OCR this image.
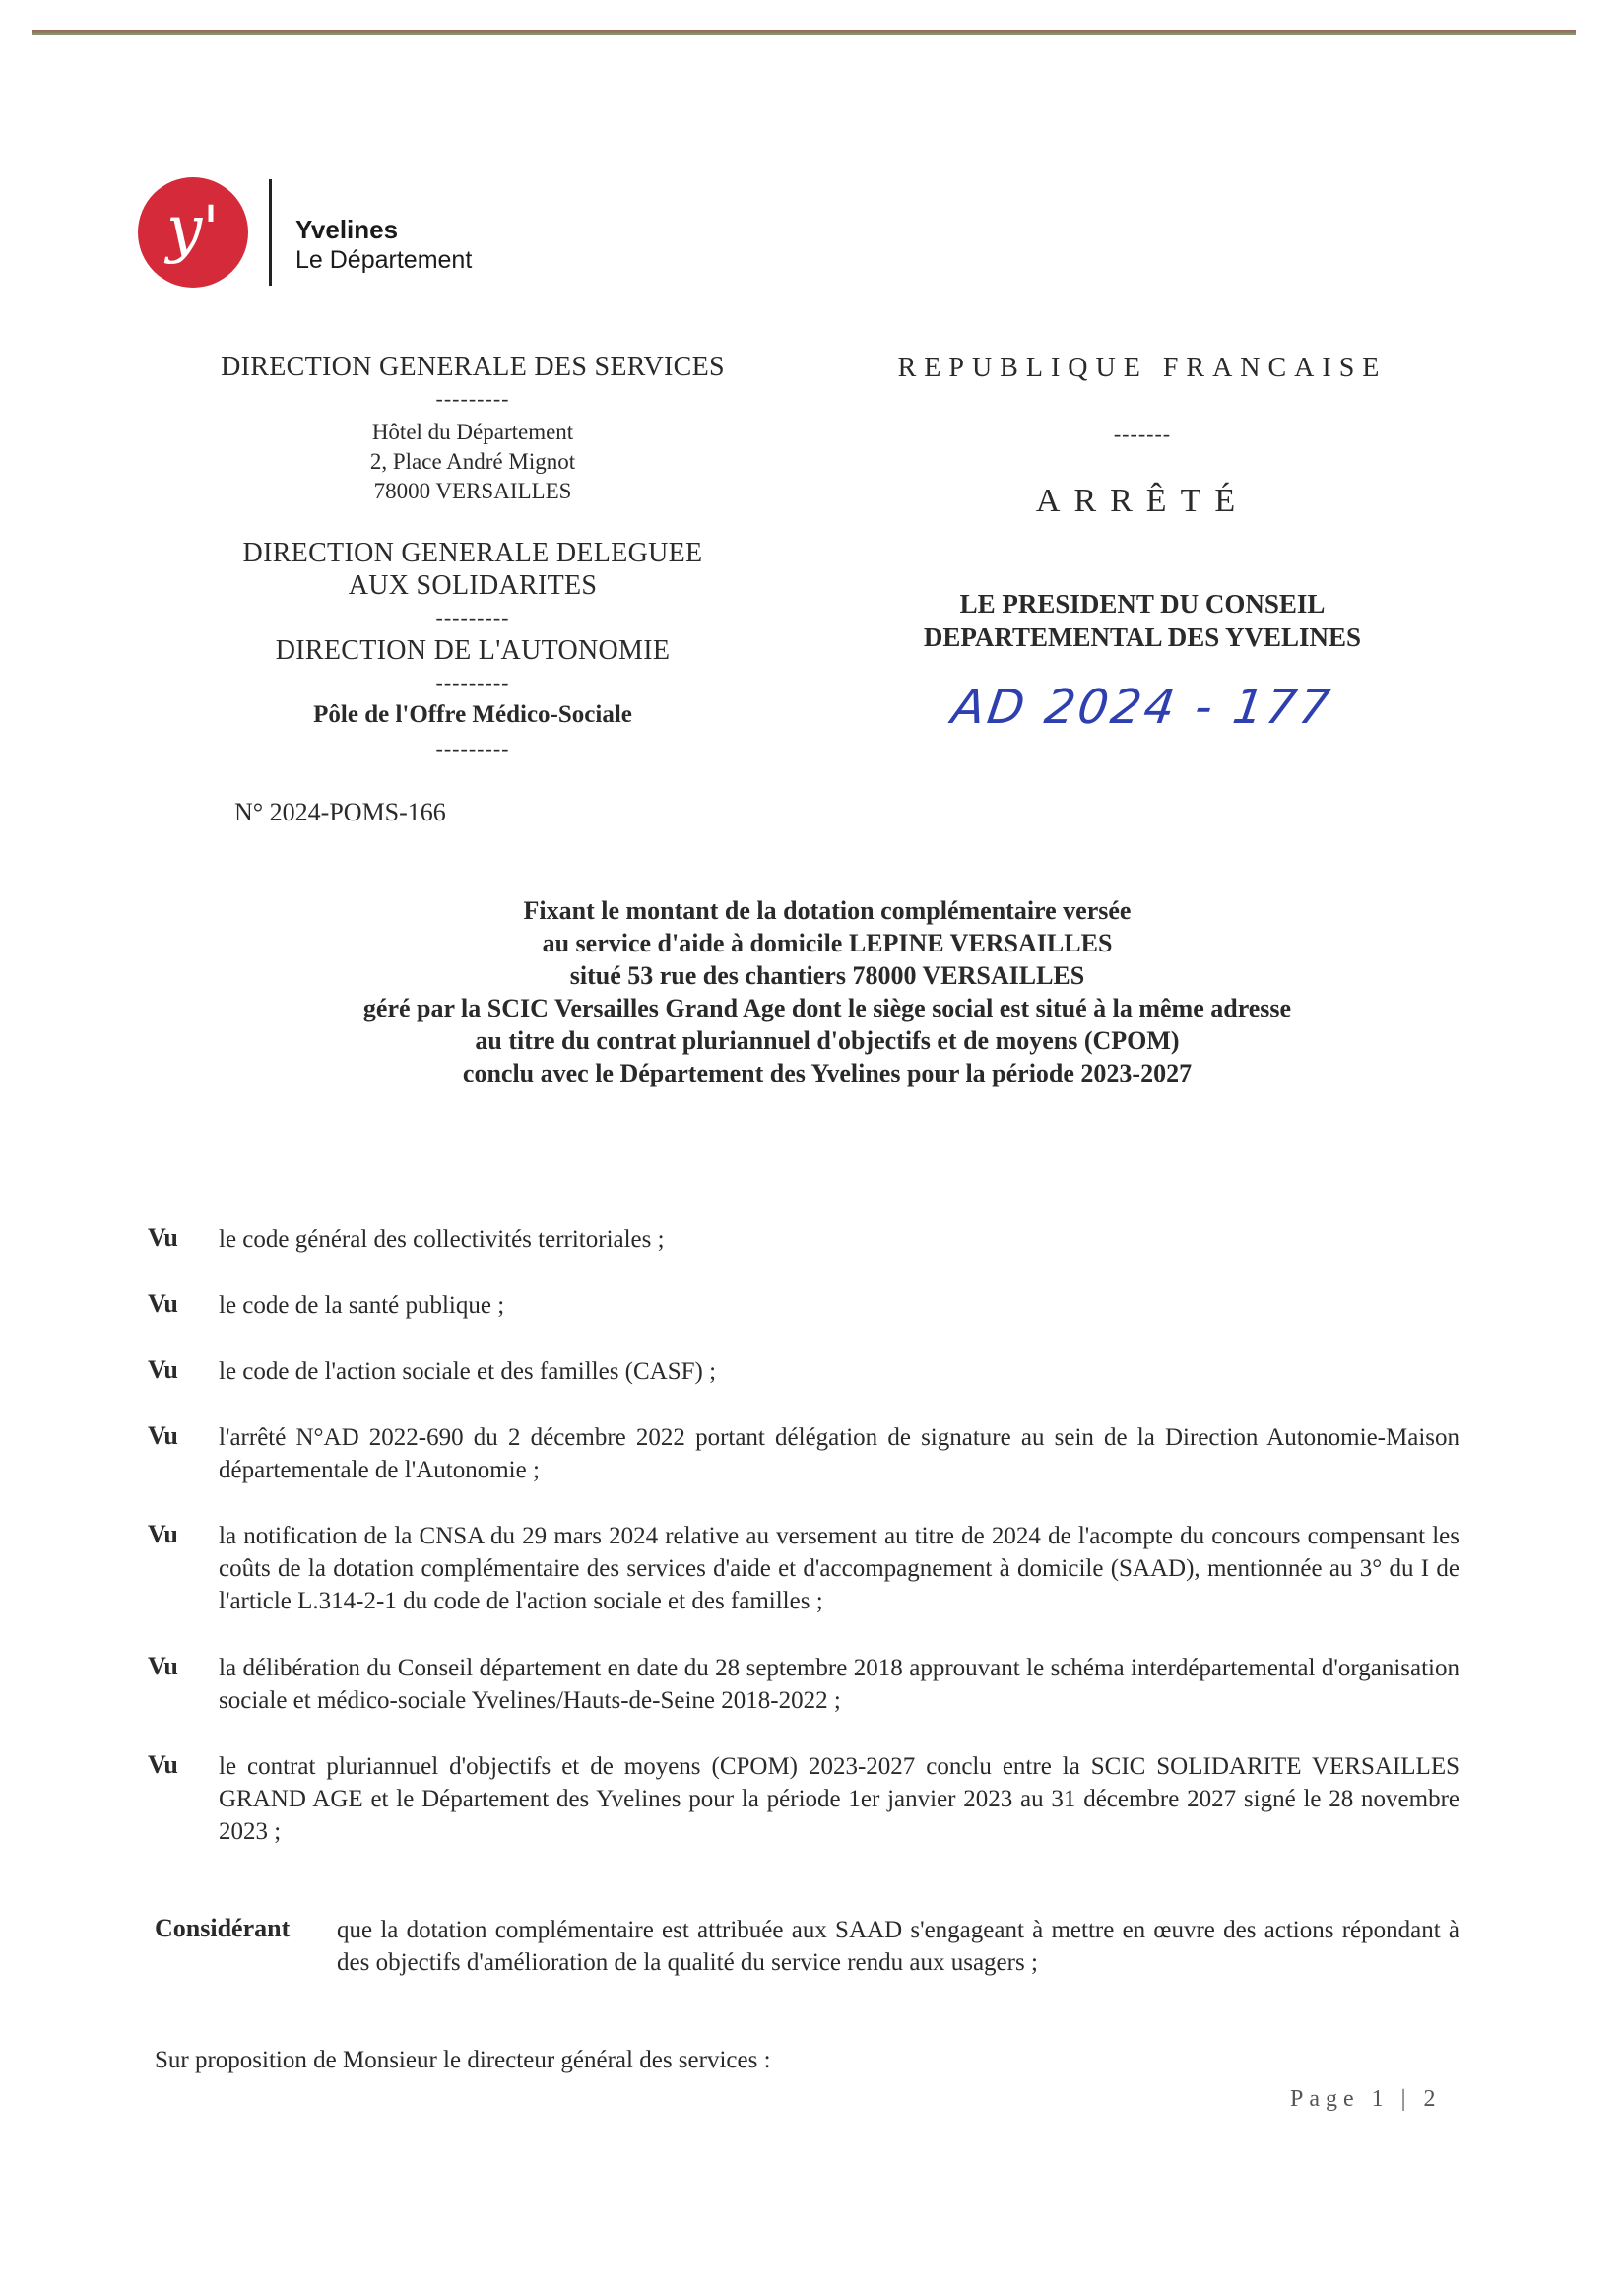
y'	Yvelines
Le Département
DIRECTION GENERALE DES SERVICES
---------
Hôtel du Département
2, Place André Mignot
78000 VERSAILLES
DIRECTION GENERALE DELEGUEE
AUX SOLIDARITES
---------
DIRECTION DE L'AUTONOMIE
---------
Pôle de l'Offre Médico-Sociale
---------
REPUBLIQUE FRANCAISE
-------
ARRÊTÉ
LE PRESIDENT DU CONSEIL
DEPARTEMENTAL DES YVELINES
AD 2024 - 177
N° 2024-POMS-166
Fixant le montant de la dotation complémentaire versée
au service d'aide à domicile LEPINE VERSAILLES
situé 53 rue des chantiers 78000 VERSAILLES
géré par la SCIC Versailles Grand Age dont le siège social est situé à la même adresse
au titre du contrat pluriannuel d'objectifs et de moyens (CPOM)
conclu avec le Département des Yvelines pour la période 2023-2027
Vu	le code général des collectivités territoriales ;
Vu	le code de la santé publique ;
Vu	le code de l'action sociale et des familles (CASF) ;
Vu	l'arrêté N°AD 2022-690 du 2 décembre 2022 portant délégation de signature au sein de la Direction Autonomie-Maison départementale de l'Autonomie ;
Vu	la notification de la CNSA du 29 mars 2024 relative au versement au titre de 2024 de l'acompte du concours compensant les coûts de la dotation complémentaire des services d'aide et d'accompagnement à domicile (SAAD), mentionnée au 3° du I de l'article L.314-2-1 du code de l'action sociale et des familles ;
Vu	la délibération du Conseil département en date du 28 septembre 2018 approuvant le schéma interdépartemental d'organisation sociale et médico-sociale Yvelines/Hauts-de-Seine 2018-2022 ;
Vu	le contrat pluriannuel d'objectifs et de moyens (CPOM) 2023-2027 conclu entre la SCIC SOLIDARITE VERSAILLES GRAND AGE et le Département des Yvelines pour la période 1er janvier 2023 au 31 décembre 2027 signé le 28 novembre 2023 ;
Considérant que la dotation complémentaire est attribuée aux SAAD s'engageant à mettre en œuvre des actions répondant à des objectifs d'amélioration de la qualité du service rendu aux usagers ;
Sur proposition de Monsieur le directeur général des services :
Page 1 | 2
